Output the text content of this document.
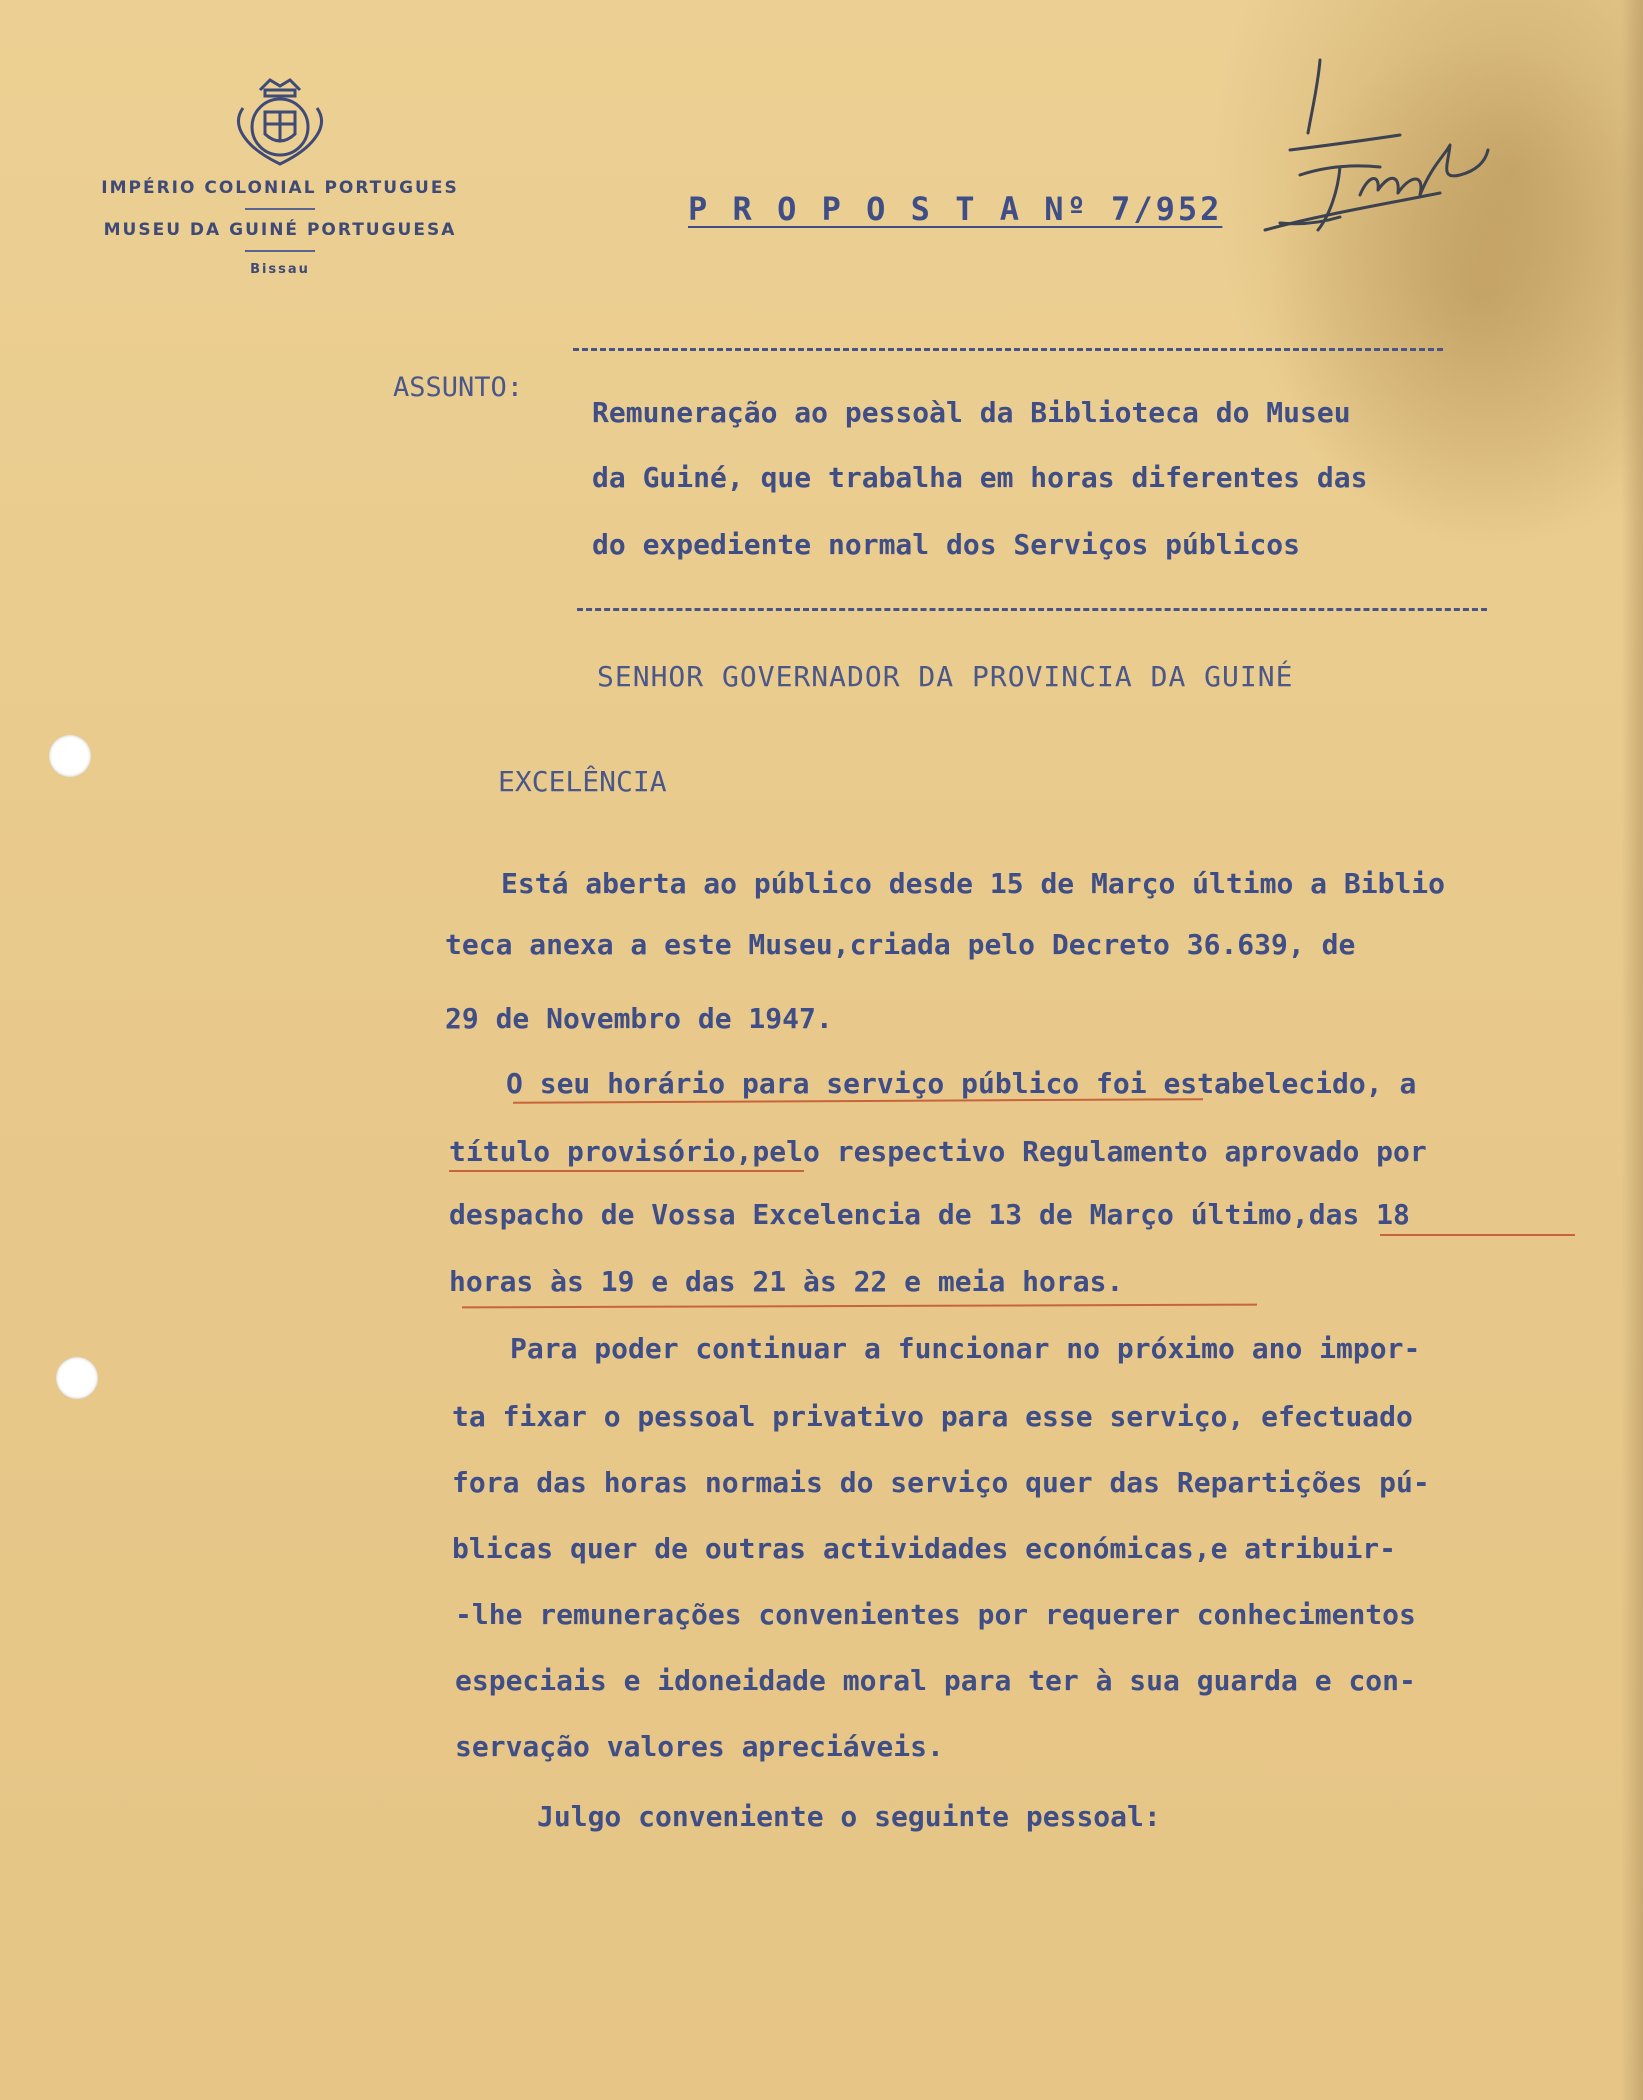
IMPÉRIO COLONIAL PORTUGUES
MUSEU DA GUINÉ PORTUGUESA
Bissau
P R O P O S T A Nº 7/952
ASSUNTO:
Remuneração ao pessoàl da Biblioteca do Museu
da Guiné, que trabalha em horas diferentes das
do expediente normal dos Serviços públicos
SENHOR GOVERNADOR DA PROVINCIA DA GUINÉ
EXCELÊNCIA
Está aberta ao público desde 15 de Março último a Biblio
teca anexa a este Museu,criada pelo Decreto 36.639, de
29 de Novembro de 1947.
O seu horário para serviço público foi estabelecido, a
título provisório,pelo respectivo Regulamento aprovado por
despacho de Vossa Excelencia de 13 de Março último,das 18
horas às 19 e das 21 às 22 e meia horas.
Para poder continuar a funcionar no próximo ano impor-
ta fixar o pessoal privativo para esse serviço, efectuado
fora das horas normais do serviço quer das Repartições pú-
blicas quer de outras actividades económicas,e atribuir-
-lhe remunerações convenientes por requerer conhecimentos
especiais e idoneidade moral para ter à sua guarda e con-
servação valores apreciáveis.
Julgo conveniente o seguinte pessoal:
